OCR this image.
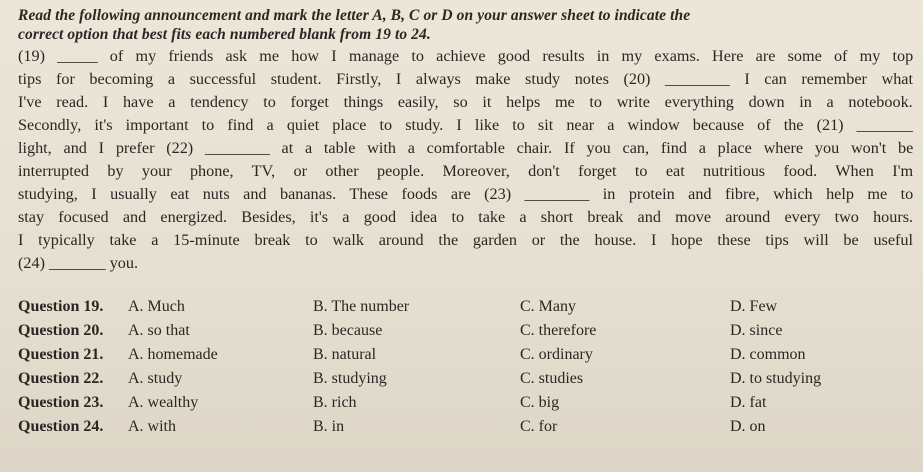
Read the following announcement and mark the letter A, B, C or D on your answer sheet to indicate the
correct option that best fits each numbered blank from 19 to 24.
(19) _____ of my friends ask me how I manage to achieve good results in my exams. Here are some of my top
tips for becoming a successful student. Firstly, I always make study notes (20) ________ I can remember what
I've read. I have a tendency to forget things easily, so it helps me to write everything down in a notebook.
Secondly, it's important to find a quiet place to study. I like to sit near a window because of the (21) _______
light, and I prefer (22) ________ at a table with a comfortable chair. If you can, find a place where you won't be
interrupted by your phone, TV, or other people. Moreover, don't forget to eat nutritious food. When I'm
studying, I usually eat nuts and bananas. These foods are (23) ________ in protein and fibre, which help me to
stay focused and energized. Besides, it's a good idea to take a short break and move around every two hours.
I typically take a 15-minute break to walk around the garden or the house. I hope these tips will be useful
(24) _______ you.
Question 19. A. Much	B. The number	C. Many	D. Few
Question 20. A. so that	B. because	C. therefore	D. since
Question 21. A. homemade	B. natural	C. ordinary	D. common
Question 22. A. study	B. studying	C. studies	D. to studying
Question 23. A. wealthy	B. rich	C. big	D. fat
Question 24. A. with	B. in	C. for	D. on
